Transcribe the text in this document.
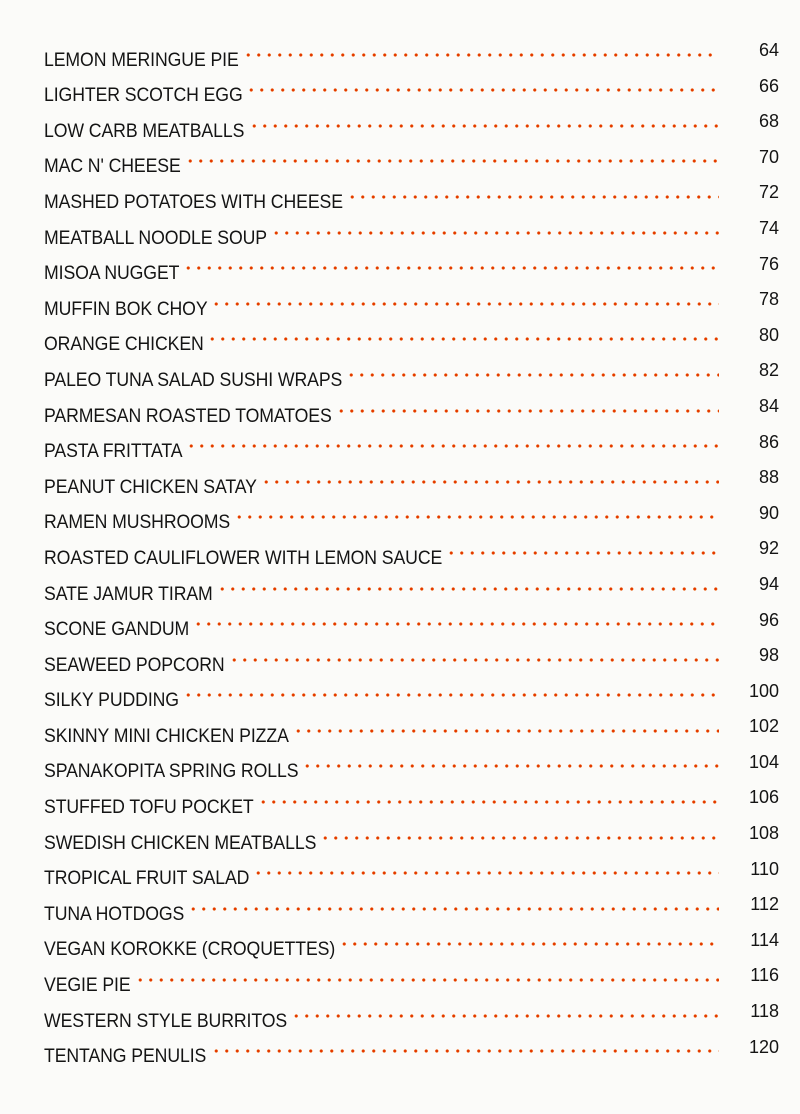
LEMON MERINGUE PIE	64
LIGHTER SCOTCH EGG	66
LOW CARB MEATBALLS	68
MAC N' CHEESE	70
MASHED POTATOES WITH CHEESE	72
MEATBALL NOODLE SOUP	74
MISOA NUGGET	76
MUFFIN BOK CHOY	78
ORANGE CHICKEN	80
PALEO TUNA SALAD SUSHI WRAPS	82
PARMESAN ROASTED TOMATOES	84
PASTA FRITTATA	86
PEANUT CHICKEN SATAY	88
RAMEN MUSHROOMS	90
ROASTED CAULIFLOWER WITH LEMON SAUCE	92
SATE JAMUR TIRAM	94
SCONE GANDUM	96
SEAWEED POPCORN	98
SILKY PUDDING	100
SKINNY MINI CHICKEN PIZZA	102
SPANAKOPITA SPRING ROLLS	104
STUFFED TOFU POCKET	106
SWEDISH CHICKEN MEATBALLS	108
TROPICAL FRUIT SALAD	110
TUNA HOTDOGS	112
VEGAN KOROKKE (CROQUETTES)	114
VEGIE PIE	116
WESTERN STYLE BURRITOS	118
TENTANG PENULIS	120
